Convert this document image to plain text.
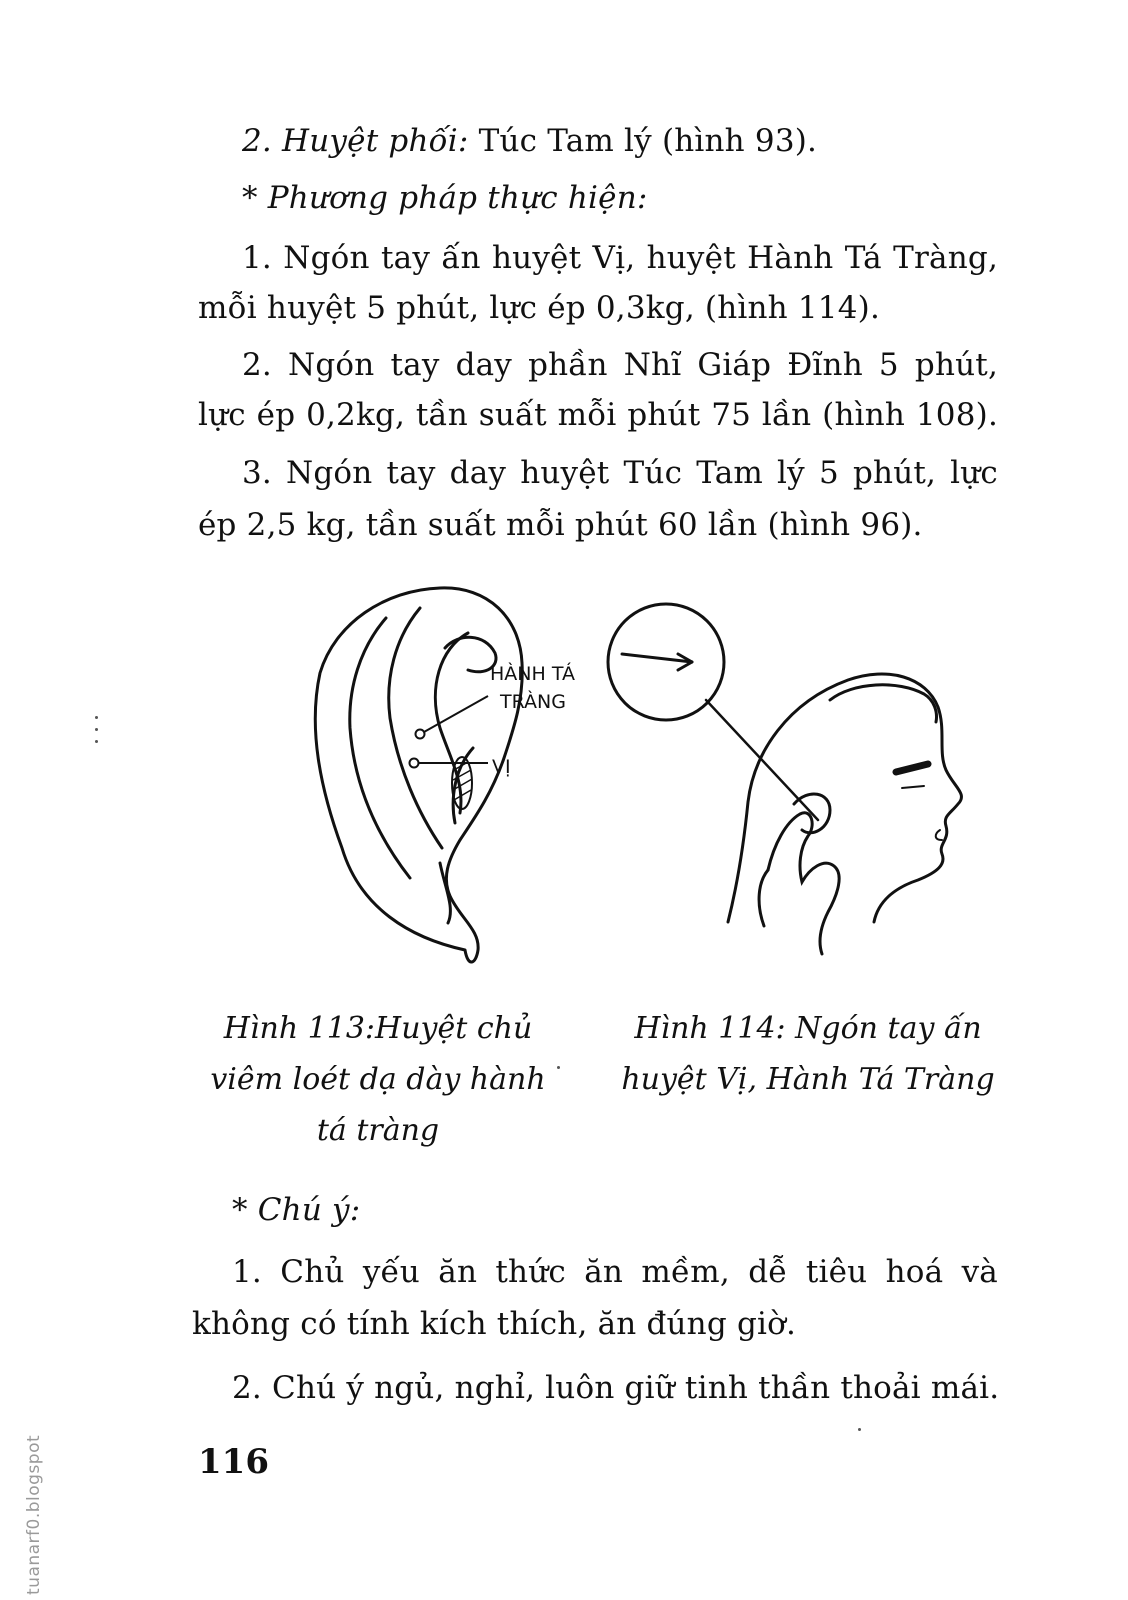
2. Huyệt phối: Túc Tam lý (hình 93).
* Phương pháp thực hiện:
1. Ngón tay ấn huyệt Vị, huyệt Hành Tá Tràng,
mỗi huyệt 5 phút, lực ép 0,3kg, (hình 114).
2. Ngón tay day phần Nhĩ Giáp Đĩnh 5 phút,
lực ép 0,2kg, tần suất mỗi phút 75 lần (hình 108).
3. Ngón tay day huyệt Túc Tam lý 5 phút, lực
ép 2,5 kg, tần suất mỗi phút 60 lần (hình 96).
HÀNH TÁ
TRÀNG
VỊ
Hình 113:Huyệt chủ viêm loét dạ dày hành tá tràng
Hình 114: Ngón tay ấn huyệt Vị, Hành Tá Tràng
* Chú ý:
1. Chủ yếu ăn thức ăn mềm, dễ tiêu hoá và
không có tính kích thích, ăn đúng giờ.
2. Chú ý ngủ, nghỉ, luôn giữ tinh thần thoải mái.
116
tuanarf0.blogspot
